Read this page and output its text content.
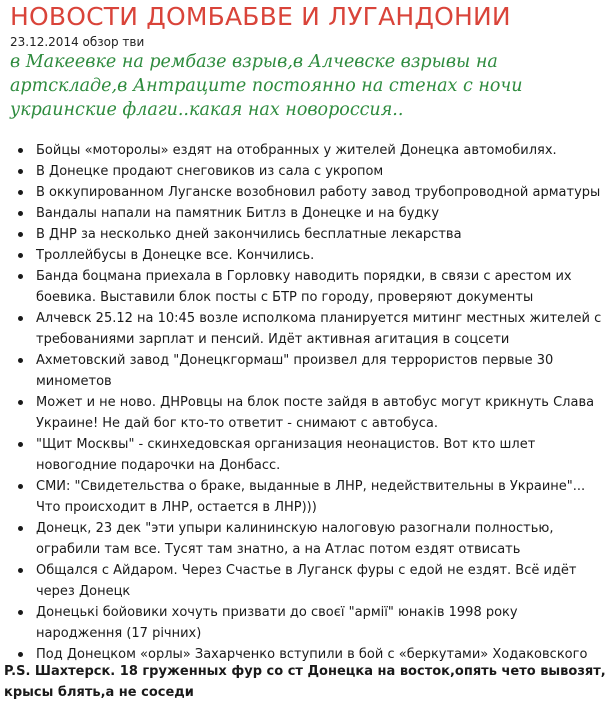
НОВОСТИ ДОМБАБВЕ И ЛУГАНДОНИИ
23.12.2014 обзор тви
в Макеевке на рембазе взрыв,в Алчевске взрывы на артскладе,в Антраците постоянно на стенах с ночи украинские флаги..какая нах новороссия..
Бойцы «моторолы» ездят на отобранных у жителей Донецка автомобилях.
В Донецке продают снеговиков из сала с укропом
В оккупированном Луганске возобновил работу завод трубопроводной арматуры
Вандалы напали на памятник Битлз в Донецке и на будку
В ДНР за несколько дней закончились бесплатные лекарства
Троллейбусы в Донецке все. Кончились.
Банда боцмана приехала в Горловку наводить порядки, в связи с арестом их боевика. Выставили блок посты с БТР по городу, проверяют документы
Алчевск 25.12 на 10:45 возле исполкома планируется митинг местных жителей с требованиями зарплат и пенсий. Идёт активная агитация в соцсети
Ахметовский завод "Донецкгормаш" произвел для террористов первые 30 минометов
Может и не ново. ДНРовцы на блок посте зайдя в автобус могут крикнуть Слава Украине! Не дай бог кто-то ответит - снимают с автобуса.
"Щит Москвы" - скинхедовская организация неонацистов. Вот кто шлет новогодние подарочки на Донбасс.
СМИ: "Свидетельства о браке, выданные в ЛНР, недействительны в Украине"... Что происходит в ЛНР, остается в ЛНР)))
Донецк, 23 дек "эти упыри калининскую налоговую разогнали полностью, ограбили там все. Тусят там знатно, а на Атлас потом ездят отвисать
Общался с Айдаром. Через Счастье в Луганск фуры с едой не ездят. Всё идёт через Донецк
Донецькі бойовики хочуть призвати до своєї "армії" юнаків 1998 року народження (17 річних)
Под Донецком «орлы» Захарченко вступили в бой с «беркутами» Ходаковского
P.S. Шахтерск. 18 груженных фур со ст Донецка на восток,опять чето вывозят, крысы блять,а не соседи
